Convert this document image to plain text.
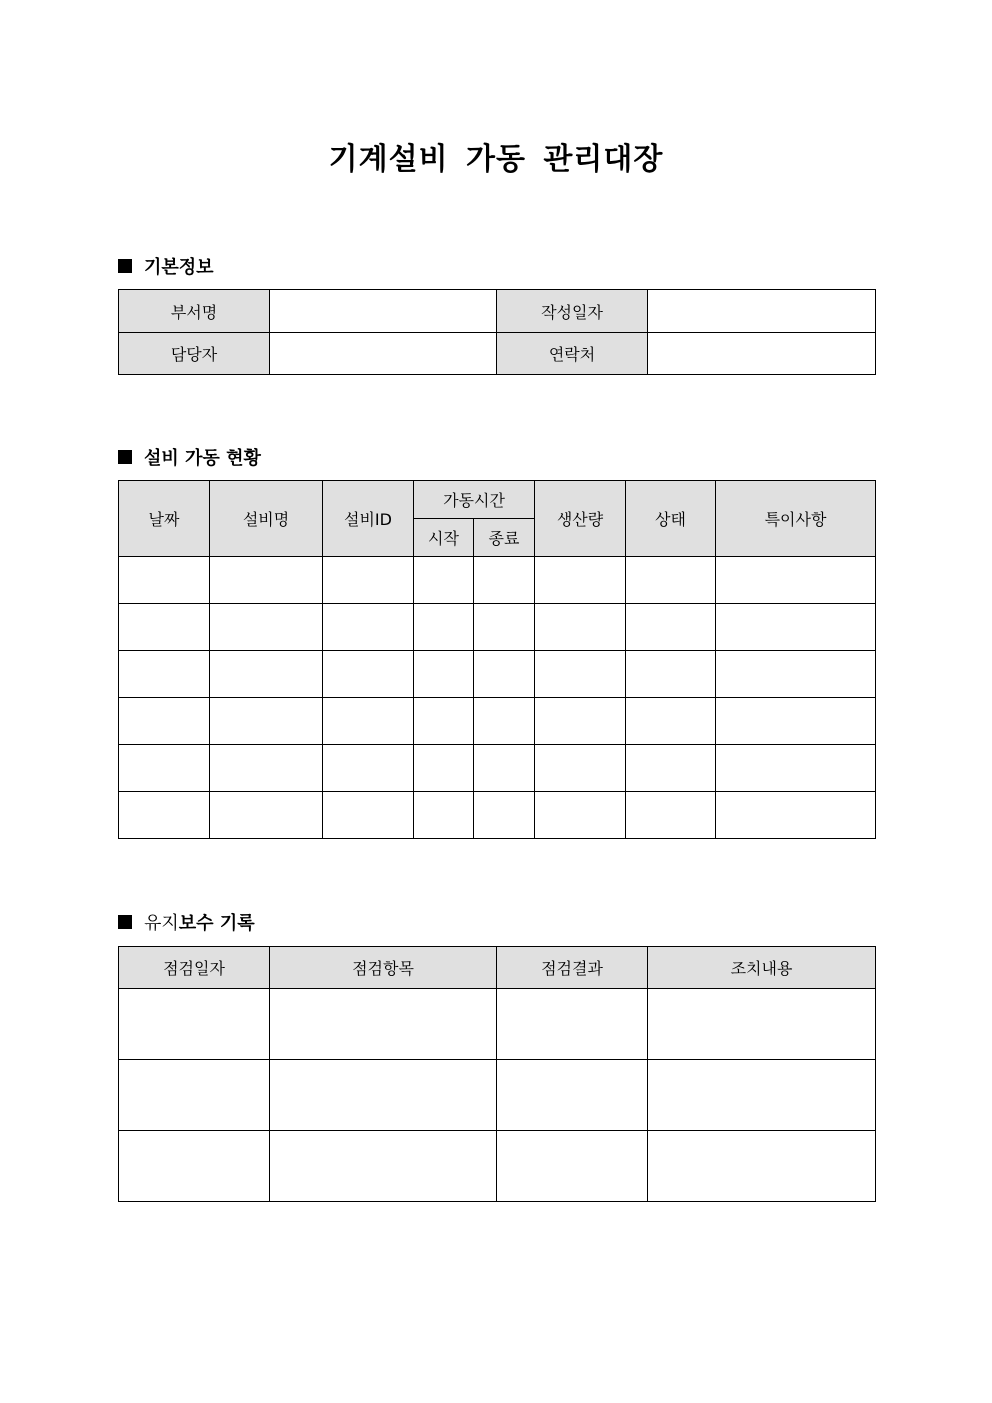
기계설비 가동 관리대장
기본정보
부서명		작성일자	
담당자		연락처	
설비 가동 현황
날짜	설비명	설비ID	가동시간		생산량	상태	특이사항
			시작	종료			

유지 보수 기록
점검일자	점검항목	점검결과	조치내용
